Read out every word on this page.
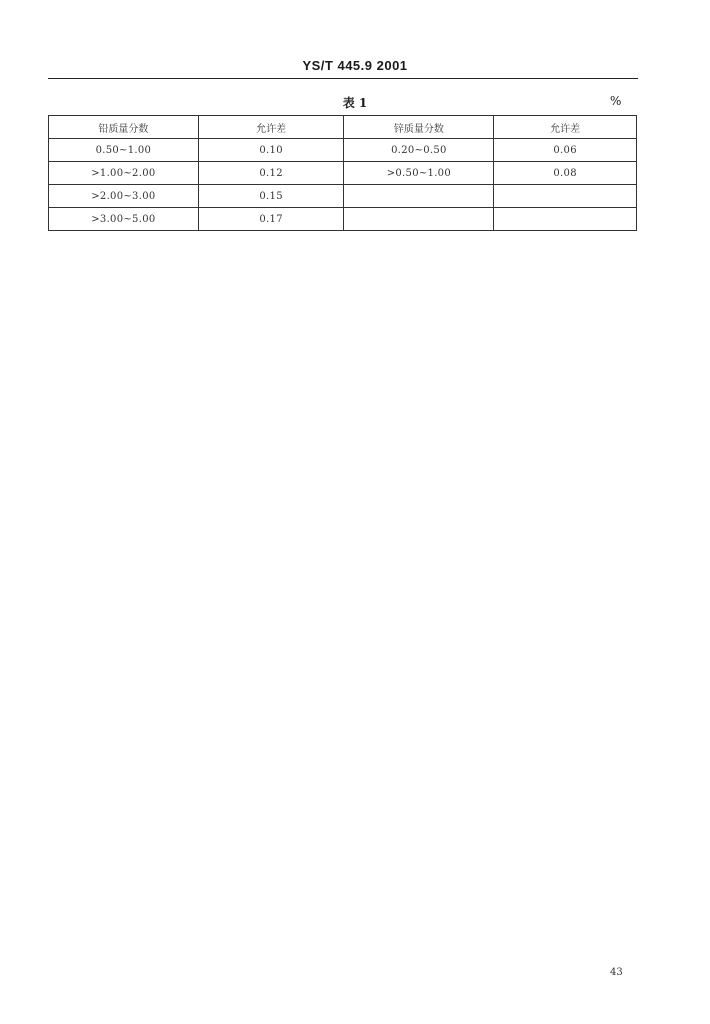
YS/T 445.9 2001
表 1	%
铅质量分数	允许差	锌质量分数	允许差
0.50~1.00	0.10	0.20~0.50	0.06
>1.00~2.00	0.12	>0.50~1.00	0.08
>2.00~3.00	0.15		
>3.00~5.00	0.17		
43
